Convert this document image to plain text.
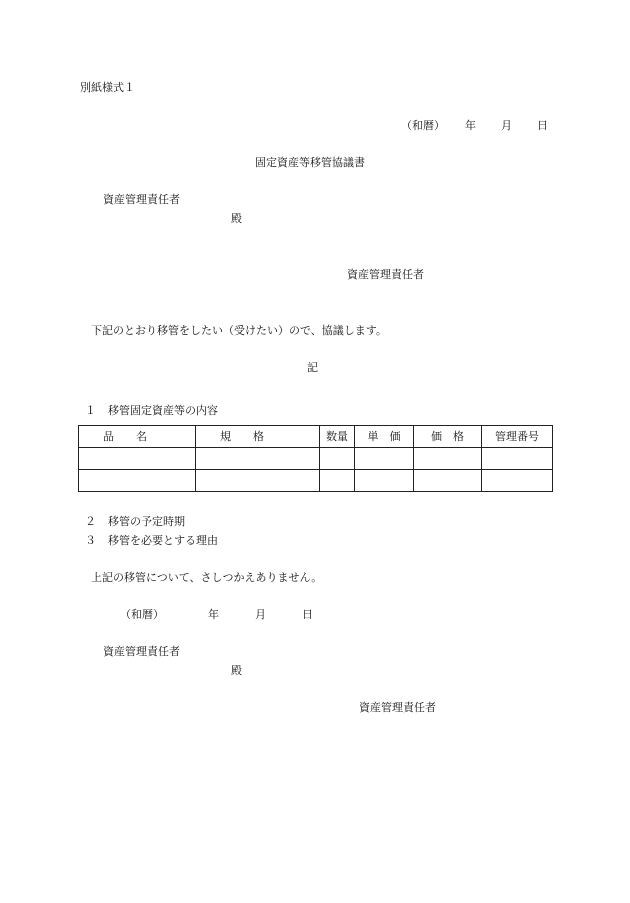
別紙様式１
（和暦） 年 月 日
固定資産等移管協議書
資産管理責任者
殿
資産管理責任者
下記のとおり移管をしたい（受けたい）ので、協議します。
記
１ 移管固定資産等の内容
品　　名	規　　格	数量	単　価	価　格	管理番号

２ 移管の予定時期
３ 移管を必要とする理由
上記の移管について、さしつかえありません。
（和暦）	年	月	日
資産管理責任者
殿
資産管理責任者
